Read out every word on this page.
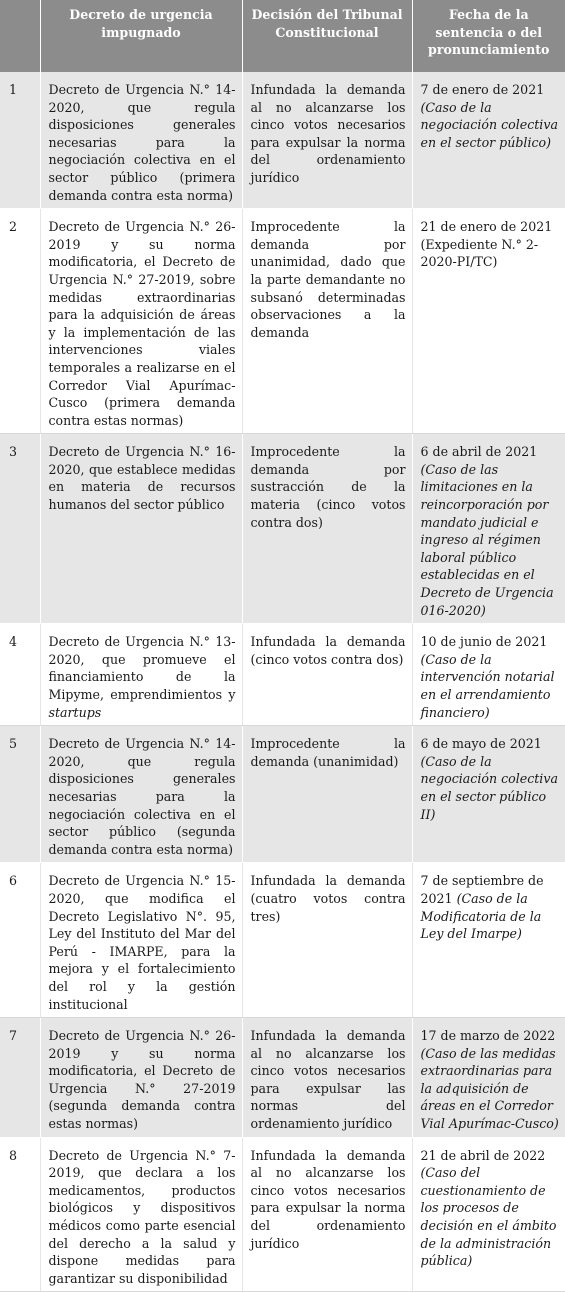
	Decreto de urgencia impugnado	Decisión del Tribunal Constitucional	Fecha de la sentencia o del pronunciamiento
1	Decreto de Urgencia N.° 14-2020, que regula disposiciones generales necesarias para la negociación colectiva en el sector público (primera demanda contra esta norma)	Infundada la demanda al no alcanzarse los cinco votos necesarios para expulsar la norma del ordenamiento jurídico	7 de enero de 2021 (Caso de la negociación colectiva en el sector público)
2	Decreto de Urgencia N.° 26-2019 y su norma modificatoria, el Decreto de Urgencia N.° 27-2019, sobre medidas extraordinarias para la adquisición de áreas y la implementación de las intervenciones viales temporales a realizarse en el Corredor Vial Apurímac-Cusco (primera demanda contra estas normas)	Improcedente la demanda por unanimidad, dado que la parte demandante no subsanó determinadas observaciones a la demanda	21 de enero de 2021 (Expediente N.° 2-2020-PI/TC)
3	Decreto de Urgencia N.° 16-2020, que establece medidas en materia de recursos humanos del sector público	Improcedente la demanda por sustracción de la materia (cinco votos contra dos)	6 de abril de 2021 (Caso de las limitaciones en la reincorporación por mandato judicial e ingreso al régimen laboral público establecidas en el Decreto de Urgencia 016-2020)
4	Decreto de Urgencia N.° 13-2020, que promueve el financiamiento de la Mipyme, emprendimientos y startups	Infundada la demanda (cinco votos contra dos)	10 de junio de 2021 (Caso de la intervención notarial en el arrendamiento financiero)
5	Decreto de Urgencia N.° 14-2020, que regula disposiciones generales necesarias para la negociación colectiva en el sector público (segunda demanda contra esta norma)	Improcedente la demanda (unanimidad)	6 de mayo de 2021 (Caso de la negociación colectiva en el sector público II)
6	Decreto de Urgencia N.° 15-2020, que modifica el Decreto Legislativo N°. 95, Ley del Instituto del Mar del Perú - IMARPE, para la mejora y el fortalecimiento del rol y la gestión institucional	Infundada la demanda (cuatro votos contra tres)	7 de septiembre de 2021 (Caso de la Modificatoria de la Ley del Imarpe)
7	Decreto de Urgencia N.° 26-2019 y su norma modificatoria, el Decreto de Urgencia N.° 27-2019 (segunda demanda contra estas normas)	Infundada la demanda al no alcanzarse los cinco votos necesarios para expulsar las normas del ordenamiento jurídico	17 de marzo de 2022 (Caso de las medidas extraordinarias para la adquisición de áreas en el Corredor Vial Apurímac-Cusco)
8	Decreto de Urgencia N.° 7-2019, que declara a los medicamentos, productos biológicos y dispositivos médicos como parte esencial del derecho a la salud y dispone medidas para garantizar su disponibilidad	Infundada la demanda al no alcanzarse los cinco votos necesarios para expulsar la norma del ordenamiento jurídico	21 de abril de 2022 (Caso del cuestionamiento de los procesos de decisión en el ámbito de la administración pública)
